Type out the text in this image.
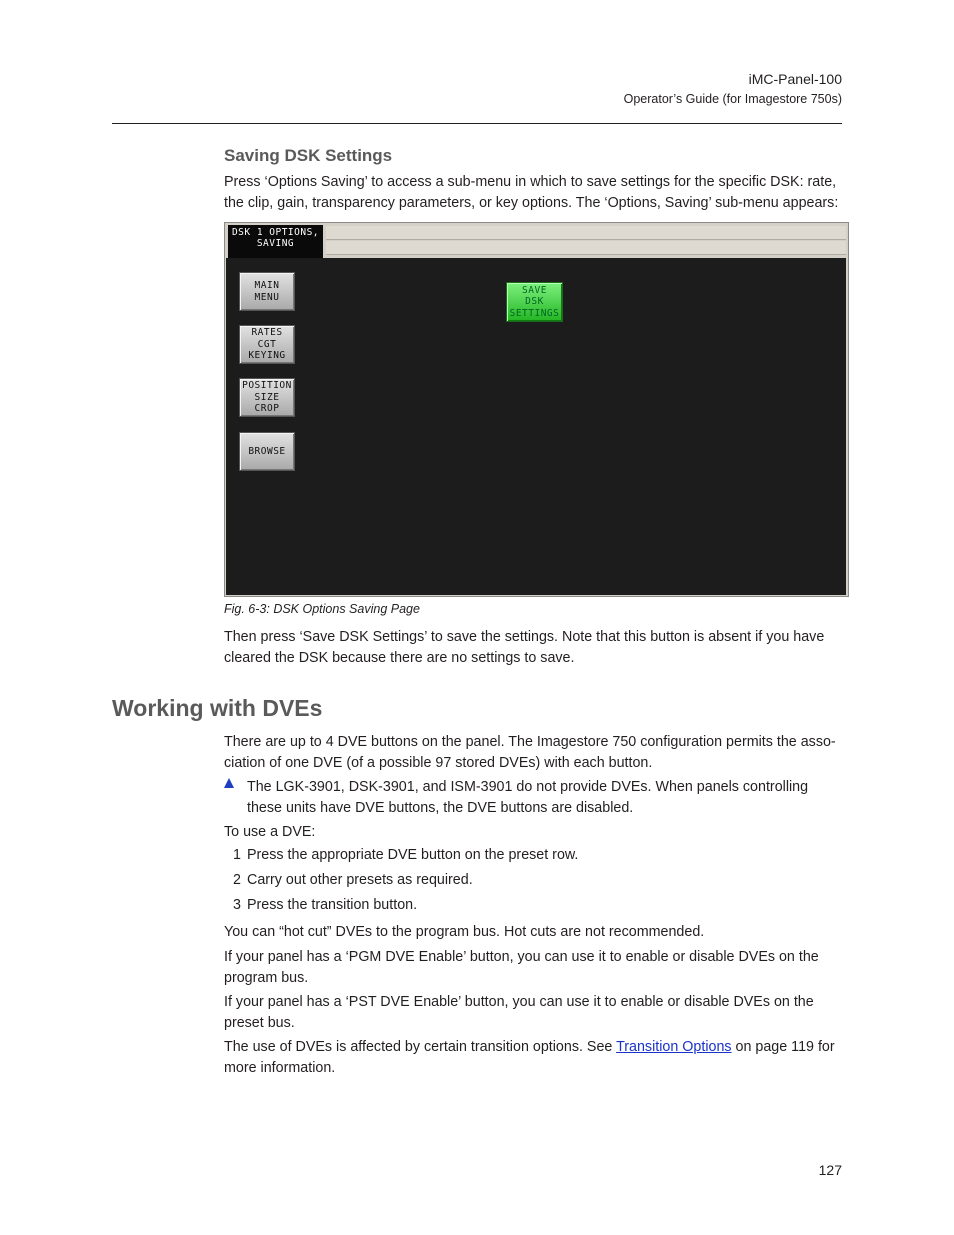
iMC-Panel-100
Operator’s Guide (for Imagestore 750s)
Saving DSK Settings
Press ‘Options Saving’ to access a sub-menu in which to save settings for the specific DSK: rate, the clip, gain, transparency parameters, or key options. The ‘Options, Saving’ sub-menu appears:
DSK 1 OPTIONS,
SAVING
MAIN
MENU
RATES
CGT
KEYING
POSITION
SIZE
CROP
BROWSE
SAVE
DSK
SETTINGS
Fig. 6-3: DSK Options Saving Page
Then press ‘Save DSK Settings’ to save the settings. Note that this button is absent if you have cleared the DSK because there are no settings to save.
Working with DVEs
There are up to 4 DVE buttons on the panel. The Imagestore 750 configuration permits the asso-ciation of one DVE (of a possible 97 stored DVEs) with each button.
The LGK-3901, DSK-3901, and ISM-3901 do not provide DVEs. When panels controlling these units have DVE buttons, the DVE buttons are disabled.
To use a DVE:
1 Press the appropriate DVE button on the preset row.
2 Carry out other presets as required.
3 Press the transition button.
You can “hot cut” DVEs to the program bus. Hot cuts are not recommended.
If your panel has a ‘PGM DVE Enable’ button, you can use it to enable or disable DVEs on the program bus.
If your panel has a ‘PST DVE Enable’ button, you can use it to enable or disable DVEs on the preset bus.
The use of DVEs is affected by certain transition options. See Transition Options on page 119 for more information.
127
